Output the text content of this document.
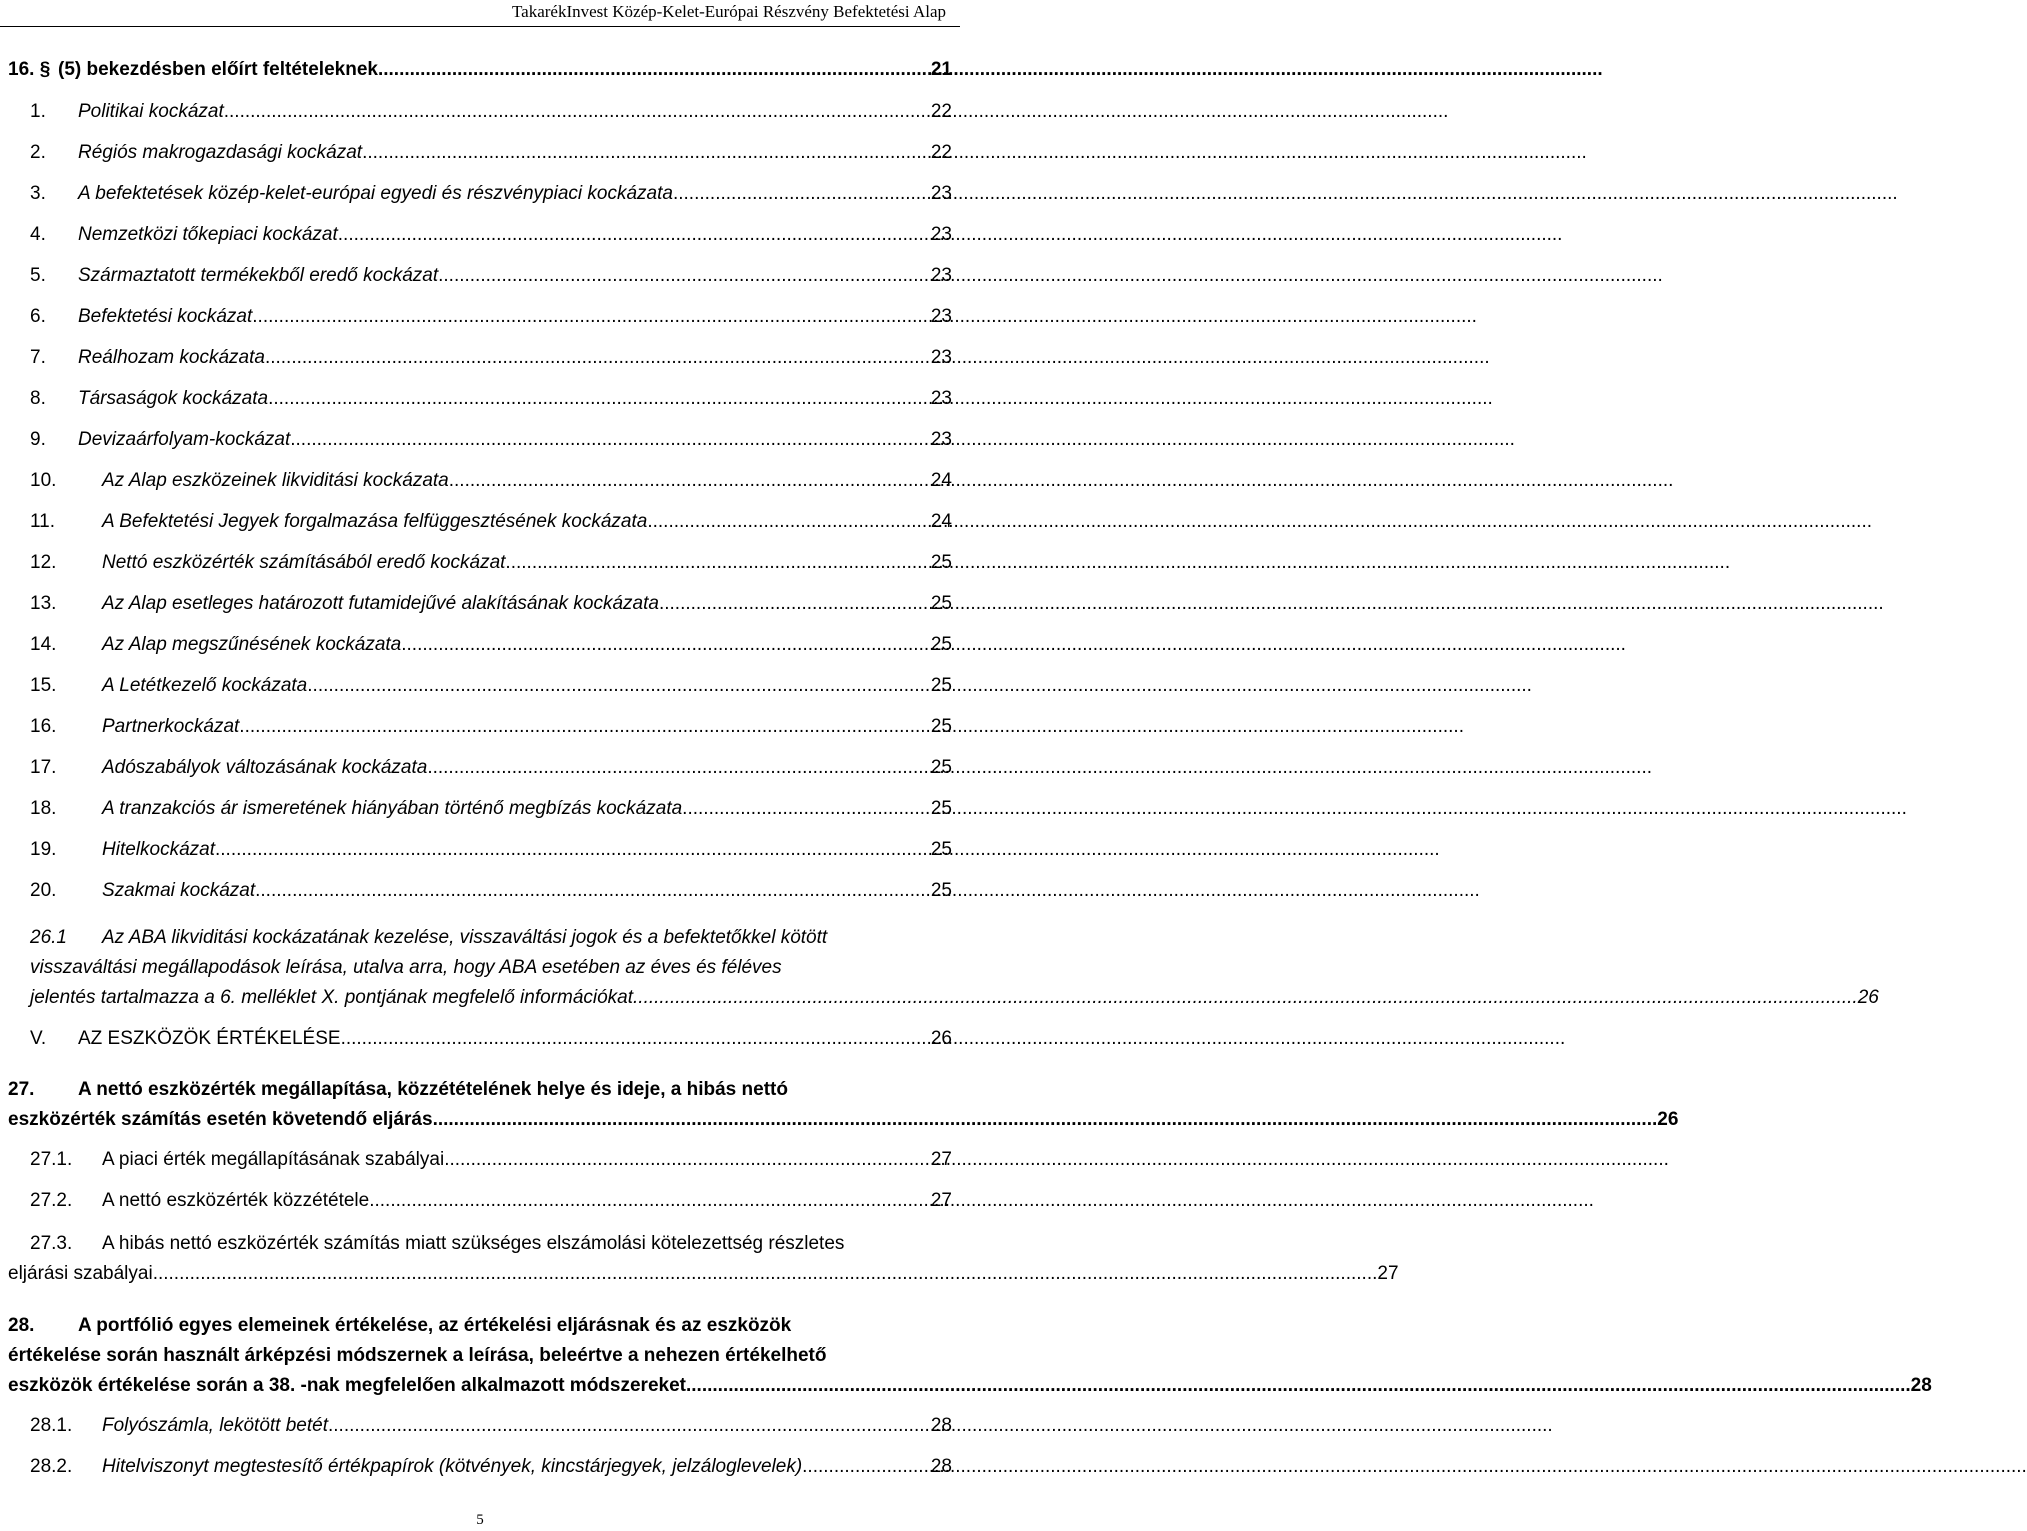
TakarékInvest Közép-Kelet-Európai Részvény Befektetési Alap
16. § (5) bekezdésben előírt feltételeknek .....	21
1.	Politikai kockázat .....	22
2.	Régiós makrogazdasági kockázat .....	22
3.	A befektetések közép-kelet-európai egyedi és részvénypiaci kockázata .....	23
4.	Nemzetközi tőkepiaci kockázat .....	23
5.	Származtatott termékekből eredő kockázat .....	23
6.	Befektetési kockázat .....	23
7.	Reálhozam kockázata .....	23
8.	Társaságok kockázata .....	23
9.	Devizaárfolyam-kockázat .....	23
10.	Az Alap eszközeinek likviditási kockázata .....	24
11.	A Befektetési Jegyek forgalmazása felfüggesztésének kockázata .....	24
12.	Nettó eszközérték számításából eredő kockázat .....	25
13.	Az Alap esetleges határozott futamidejűvé alakításának kockázata .....	25
14.	Az Alap megszűnésének kockázata .....	25
15.	A Letétkezelő kockázata .....	25
16.	Partnerkockázat .....	25
17.	Adószabályok változásának kockázata .....	25
18.	A tranzakciós ár ismeretének hiányában történő megbízás kockázata .....	25
19.	Hitelkockázat .....	25
20.	Szakmai kockázat .....	25
26.1 Az ABA likviditási kockázatának kezelése, visszaváltási jogok és a befektetőkkel kötött
visszaváltási megállapodások leírása, utalva arra, hogy ABA esetében az éves és féléves
jelentés tartalmazza a 6. melléklet X. pontjának megfelelő információkat .....	26
V.	AZ ESZKÖZÖK ÉRTÉKELÉSE .....	26
27. A nettó eszközérték megállapítása, közzétételének helye és ideje, a hibás nettó
eszközérték számítás esetén követendő eljárás .....	26
27.1.	A piaci érték megállapításának szabályai .....	27
27.2.	A nettó eszközérték közzététele .....	27
27.3. A hibás nettó eszközérték számítás miatt szükséges elszámolási kötelezettség részletes
eljárási szabályai .....	27
28. A portfólió egyes elemeinek értékelése, az értékelési eljárásnak és az eszközök
értékelése során használt árképzési módszernek a leírása, beleértve a nehezen értékelhető
eszközök értékelése során a 38. -nak megfelelően alkalmazott módszereket .....	28
28.1.	Folyószámla, lekötött betét .....	28
28.2.	Hitelviszonyt megtestesítő értékpapírok (kötvények, kincstárjegyek, jelzáloglevelek) .....	28
5
